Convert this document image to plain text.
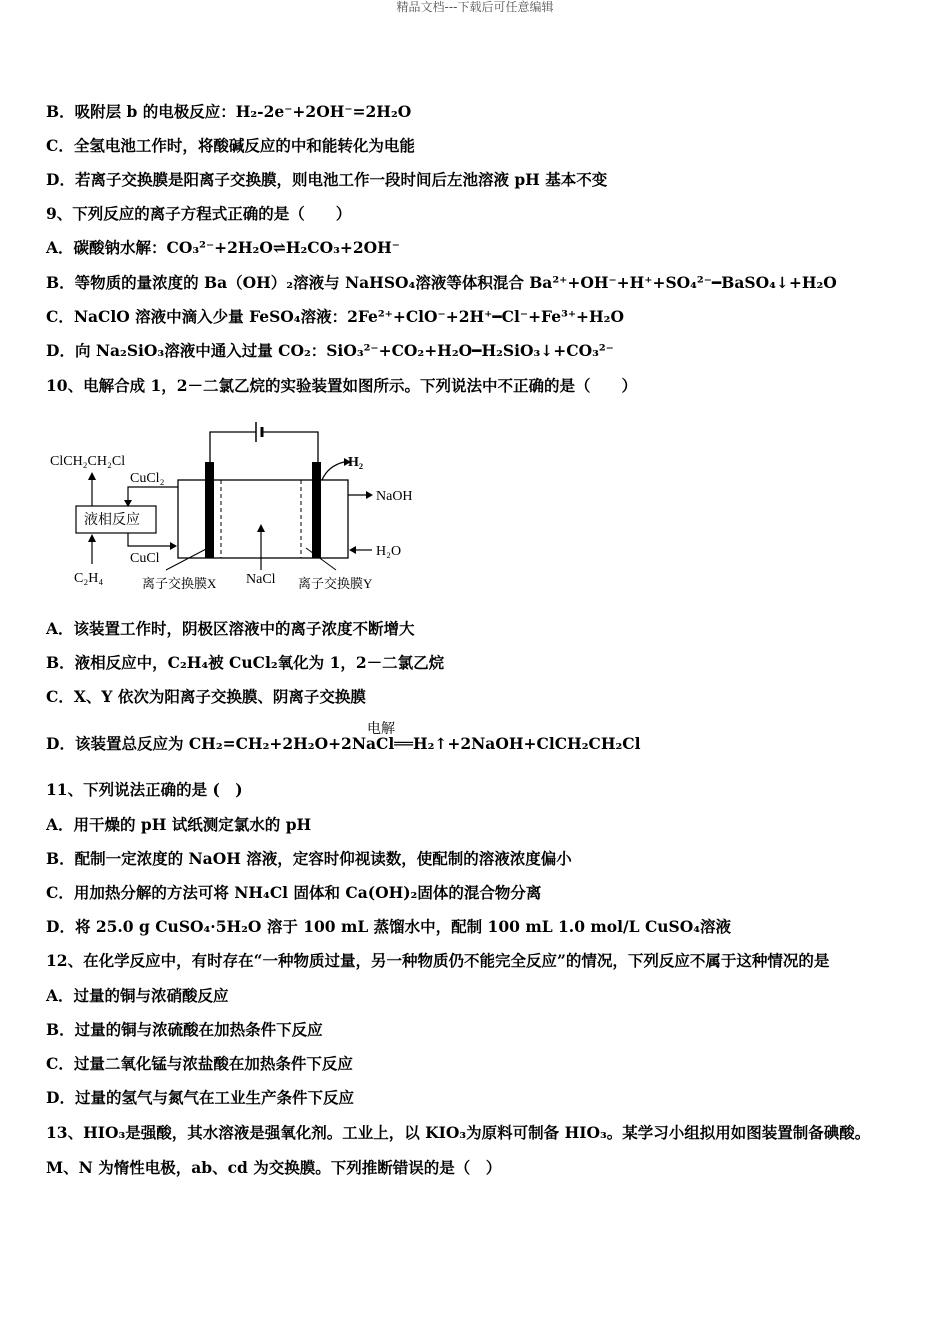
精品文档---下载后可任意编辑
B．吸附层 b 的电极反应：H₂-2e⁻+2OH⁻=2H₂O
C．全氢电池工作时，将酸碱反应的中和能转化为电能
D．若离子交换膜是阳离子交换膜，则电池工作一段时间后左池溶液 pH 基本不变
9、下列反应的离子方程式正确的是（　　）
A．碳酸钠水解：CO₃²⁻+2H₂O⇌H₂CO₃+2OH⁻
B．等物质的量浓度的 Ba（OH）₂溶液与 NaHSO₄溶液等体积混合 Ba²⁺+OH⁻+H⁺+SO₄²⁻━BaSO₄↓+H₂O
C．NaClO 溶液中滴入少量 FeSO₄溶液：2Fe²⁺+ClO⁻+2H⁺━Cl⁻+Fe³⁺+H₂O
D．向 Na₂SiO₃溶液中通入过量 CO₂：SiO₃²⁻+CO₂+H₂O━H₂SiO₃↓+CO₃²⁻
10、电解合成 1，2－二氯乙烷的实验装置如图所示。下列说法中不正确的是（　　）
H₂
NaOH
H₂O
NaCl
离子交换膜X	离子交换膜Y
液相反应
ClCH₂CH₂Cl
C₂H₄
CuCl₂
CuCl
A．该装置工作时，阴极区溶液中的离子浓度不断增大
B．液相反应中，C₂H₄被 CuCl₂氧化为 1，2－二氯乙烷
C．X、Y 依次为阳离子交换膜、阴离子交换膜
电解
D．该装置总反应为 CH₂=CH₂+2H₂O+2NaCl══H₂↑+2NaOH+ClCH₂CH₂Cl
11、下列说法正确的是 (　)
A．用干燥的 pH 试纸测定氯水的 pH
B．配制一定浓度的 NaOH 溶液，定容时仰视读数，使配制的溶液浓度偏小
C．用加热分解的方法可将 NH₄Cl 固体和 Ca(OH)₂固体的混合物分离
D．将 25.0 g CuSO₄·5H₂O 溶于 100 mL 蒸馏水中，配制 100 mL 1.0 mol/L CuSO₄溶液
12、在化学反应中，有时存在“一种物质过量，另一种物质仍不能完全反应”的情况，下列反应不属于这种情况的是
A．过量的铜与浓硝酸反应
B．过量的铜与浓硫酸在加热条件下反应
C．过量二氧化锰与浓盐酸在加热条件下反应
D．过量的氢气与氮气在工业生产条件下反应
13、HIO₃是强酸，其水溶液是强氧化剂。工业上，以 KIO₃为原料可制备 HIO₃。某学习小组拟用如图装置制备碘酸。
M、N 为惰性电极，ab、cd 为交换膜。下列推断错误的是（　）
